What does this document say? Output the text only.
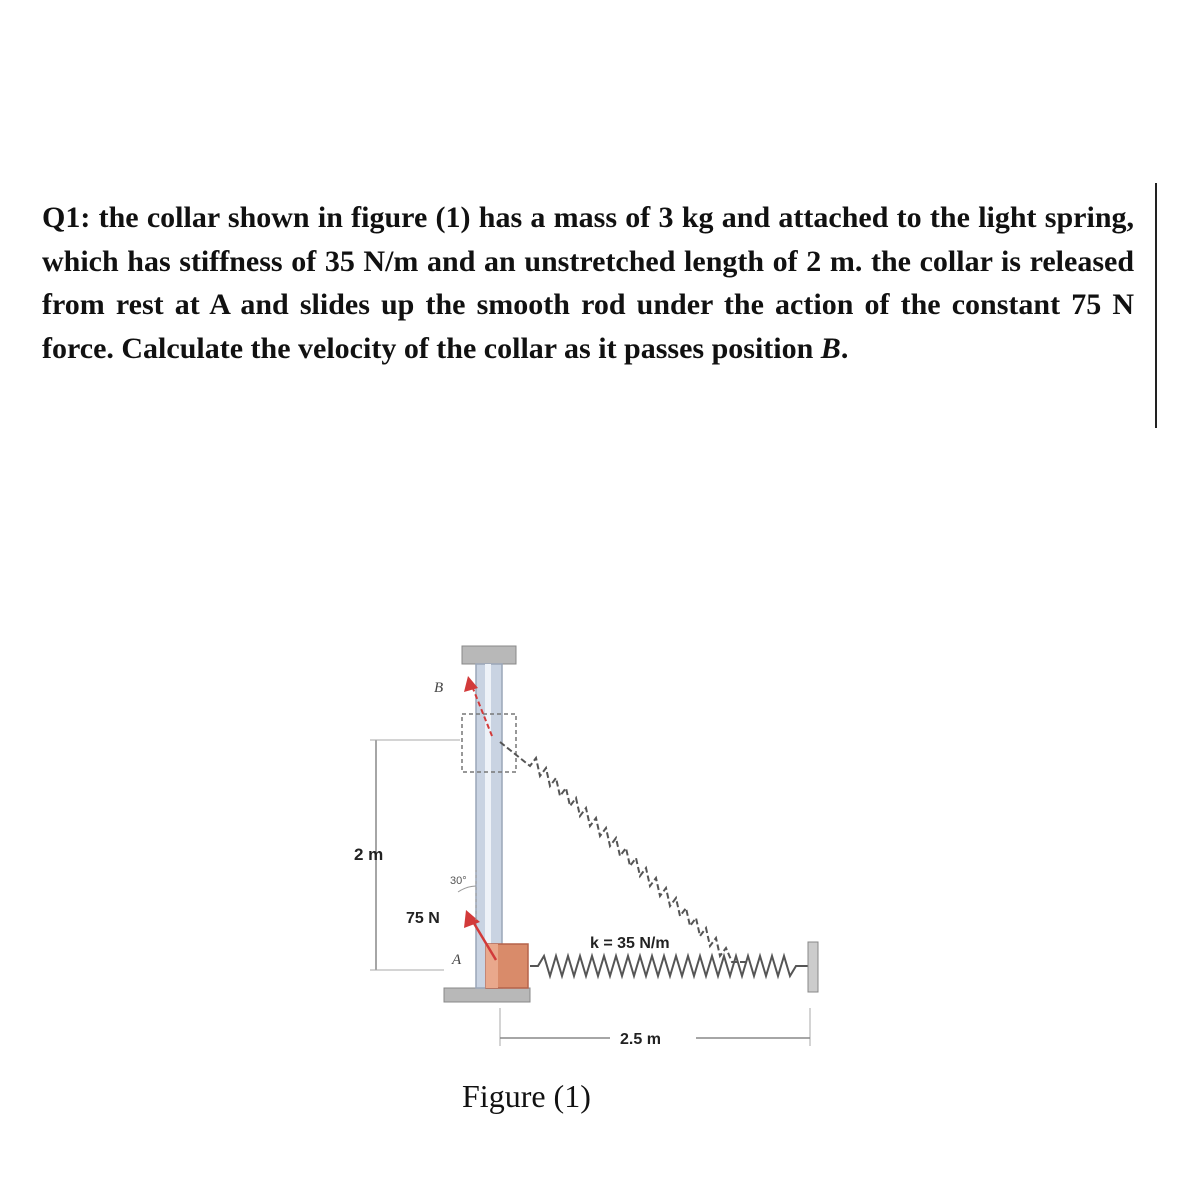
Q1: the collar shown in figure (1) has a mass of 3 kg and attached to the light spring, which has stiffness of 35 N/m and an unstretched length of 2 m. the collar is released from rest at A and slides up the smooth rod under the action of the constant 75 N force. Calculate the velocity of the collar as it passes position B.
B
A
2 m
30°
75 N
k = 35 N/m
2.5 m
Figure (1)
